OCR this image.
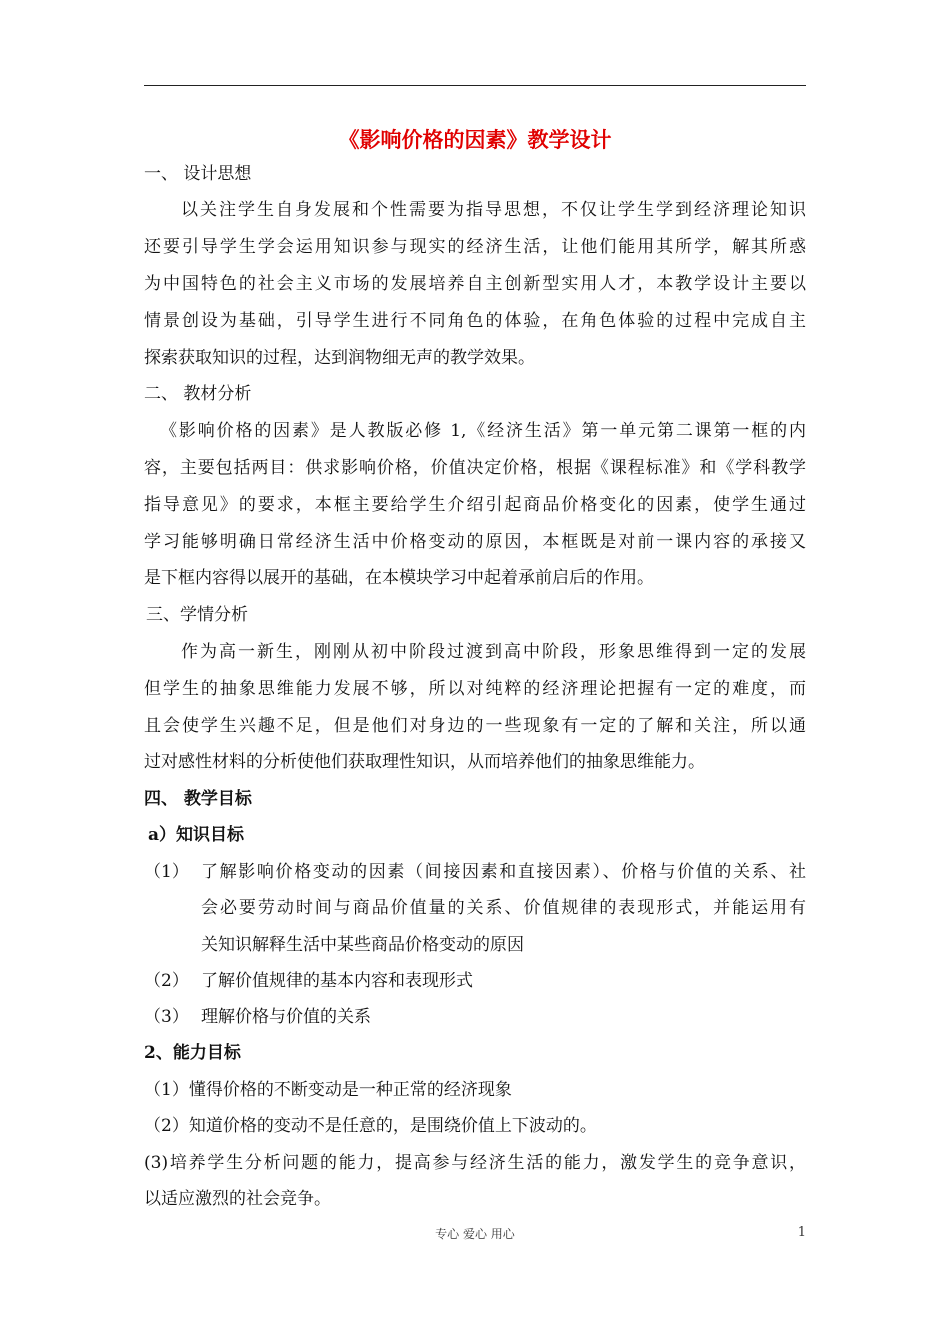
《影响价格的因素》教学设计
一、 设计思想
以关注学生自身发展和个性需要为指导思想，不仅让学生学到经济理论知识
还要引导学生学会运用知识参与现实的经济生活，让他们能用其所学，解其所惑
为中国特色的社会主义市场的发展培养自主创新型实用人才，本教学设计主要以
情景创设为基础，引导学生进行不同角色的体验，在角色体验的过程中完成自主
探索获取知识的过程，达到润物细无声的教学效果。
二、 教材分析
《影响价格的因素》是人教版必修 1,《经济生活》第一单元第二课第一框的内
容，主要包括两目：供求影响价格，价值决定价格，根据《课程标准》和《学科教学
指导意见》的要求，本框主要给学生介绍引起商品价格变化的因素，使学生通过
学习能够明确日常经济生活中价格变动的原因，本框既是对前一课内容的承接又
是下框内容得以展开的基础，在本模块学习中起着承前启后的作用。
三、学情分析
作为高一新生，刚刚从初中阶段过渡到高中阶段，形象思维得到一定的发展
但学生的抽象思维能力发展不够，所以对纯粹的经济理论把握有一定的难度，而
且会使学生兴趣不足，但是他们对身边的一些现象有一定的了解和关注，所以通
过对感性材料的分析使他们获取理性知识，从而培养他们的抽象思维能力。
四、 教学目标
a）知识目标
（1） 了解影响价格变动的因素（间接因素和直接因素）、价格与价值的关系、社
会必要劳动时间与商品价值量的关系、价值规律的表现形式，并能运用有
关知识解释生活中某些商品价格变动的原因
（2） 了解价值规律的基本内容和表现形式
（3） 理解价格与价值的关系
2、能力目标
（1）懂得价格的不断变动是一种正常的经济现象
（2）知道价格的变动不是任意的，是围绕价值上下波动的。
(3)培养学生分析问题的能力，提高参与经济生活的能力，激发学生的竞争意识，
以适应激烈的社会竞争。
专心 爱心 用心	1
